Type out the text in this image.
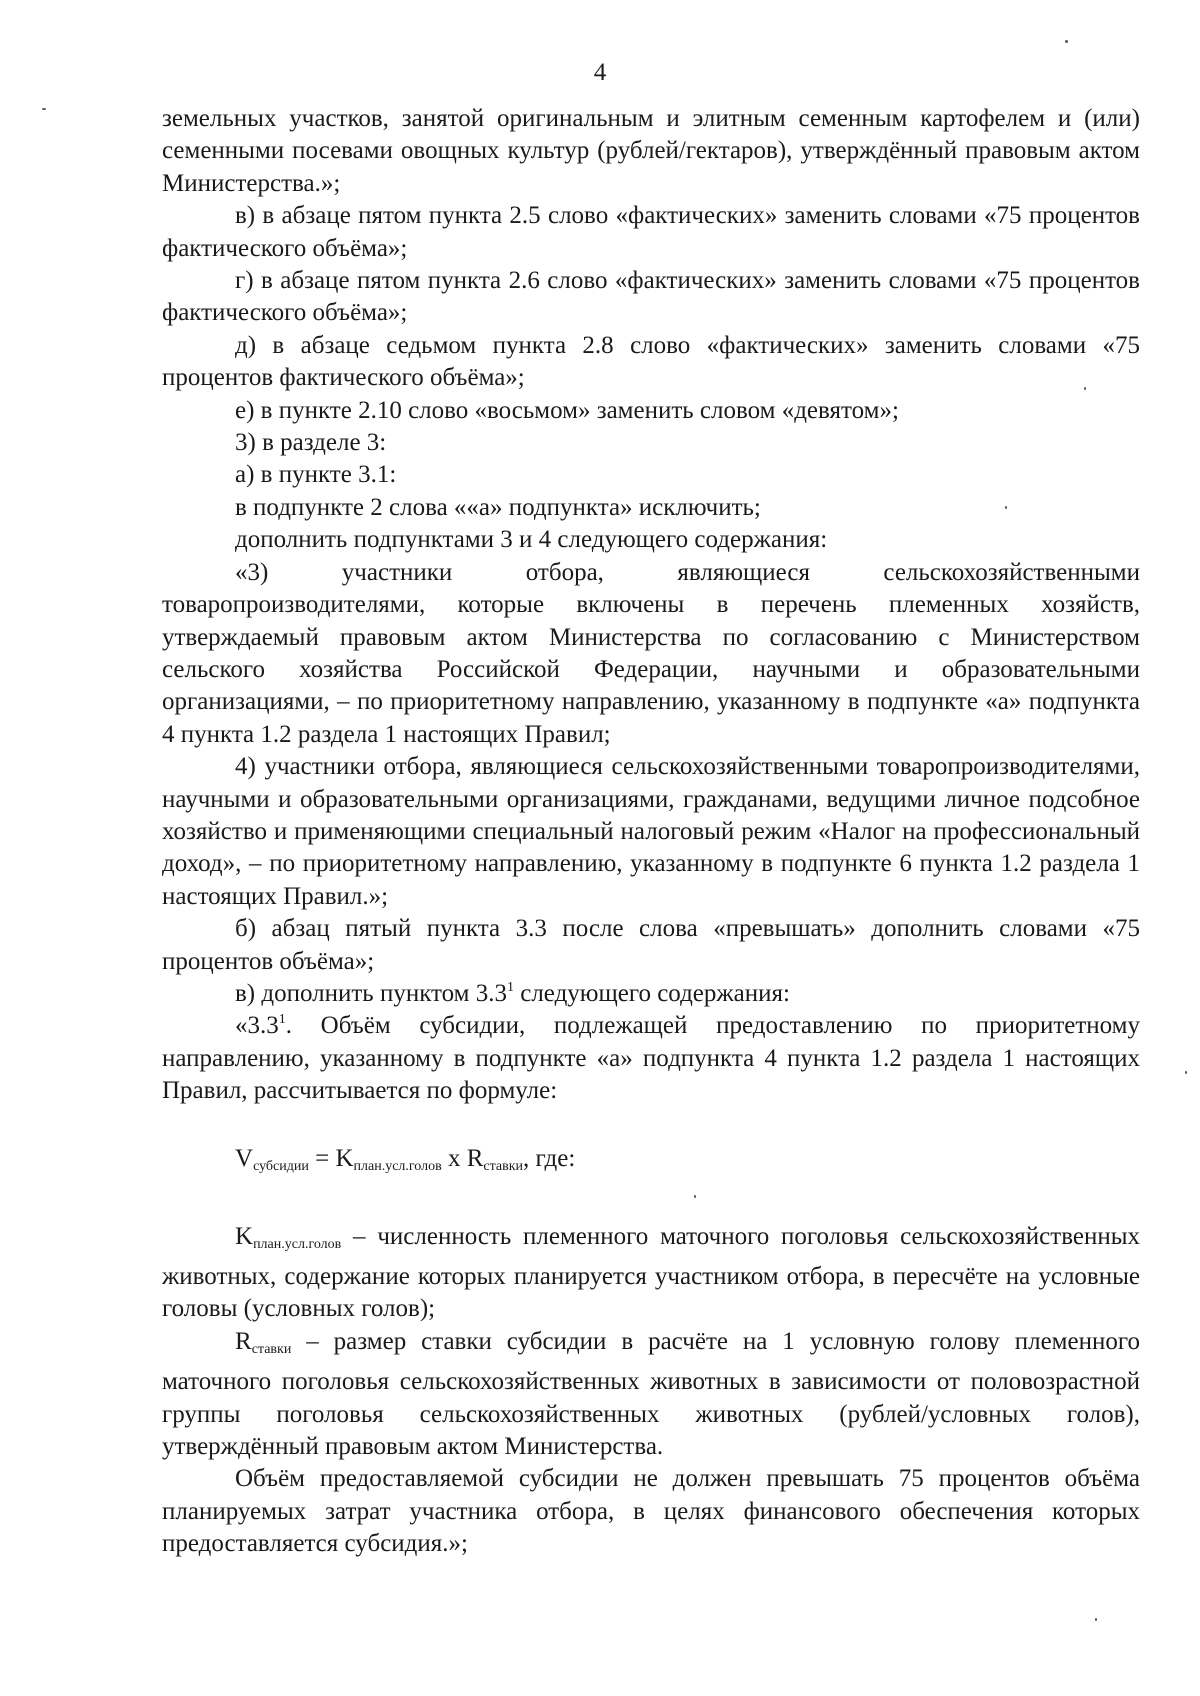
4

земельных участков, занятой оригинальным и элитным семенным картофелем и (или) семенными посевами овощных культур (рублей/гектаров), утверждённый правовым актом Министерства.»;

в) в абзаце пятом пункта 2.5 слово «фактических» заменить словами «75 процентов фактического объёма»;

г) в абзаце пятом пункта 2.6 слово «фактических» заменить словами «75 процентов фактического объёма»;

д) в абзаце седьмом пункта 2.8 слово «фактических» заменить словами «75 процентов фактического объёма»;

е) в пункте 2.10 слово «восьмом» заменить словом «девятом»;

3) в разделе 3:

а) в пункте 3.1:

в подпункте 2 слова ««а» подпункта» исключить;

дополнить подпунктами 3 и 4 следующего содержания:

«3) участники отбора, являющиеся сельскохозяйственными товаропроизводителями, которые включены в перечень племенных хозяйств, утверждаемый правовым актом Министерства по согласованию с Министерством сельского хозяйства Российской Федерации, научными и образовательными организациями, – по приоритетному направлению, указанному в подпункте «а» подпункта 4 пункта 1.2 раздела 1 настоящих Правил;

4) участники отбора, являющиеся сельскохозяйственными товаропроизводителями, научными и образовательными организациями, гражданами, ведущими личное подсобное хозяйство и применяющими специальный налоговый режим «Налог на профессиональный доход», – по приоритетному направлению, указанному в подпункте 6 пункта 1.2 раздела 1 настоящих Правил.»;

б) абзац пятый пункта 3.3 после слова «превышать» дополнить словами «75 процентов объёма»;

в) дополнить пунктом $3.3^1$ следующего содержания:

«$3.3^1$. Объём субсидии, подлежащей предоставлению по приоритетному направлению, указанному в подпункте «а» подпункта 4 пункта 1.2 раздела 1 настоящих Правил, рассчитывается по формуле:

$V_{субсидии} = K_{план.усл.голов}$ x $R_{ставки}$, где:

$K_{план.усл.голов}$ – численность племенного маточного поголовья сельскохозяйственных животных, содержание которых планируется участником отбора, в пересчёте на условные головы (условных голов);

$R_{ставки}$ – размер ставки субсидии в расчёте на 1 условную голову племенного маточного поголовья сельскохозяйственных животных в зависимости от половозрастной группы поголовья сельскохозяйственных животных (рублей/условных голов), утверждённый правовым актом Министерства.

Объём предоставляемой субсидии не должен превышать 75 процентов объёма планируемых затрат участника отбора, в целях финансового обеспечения которых предоставляется субсидия.»;
